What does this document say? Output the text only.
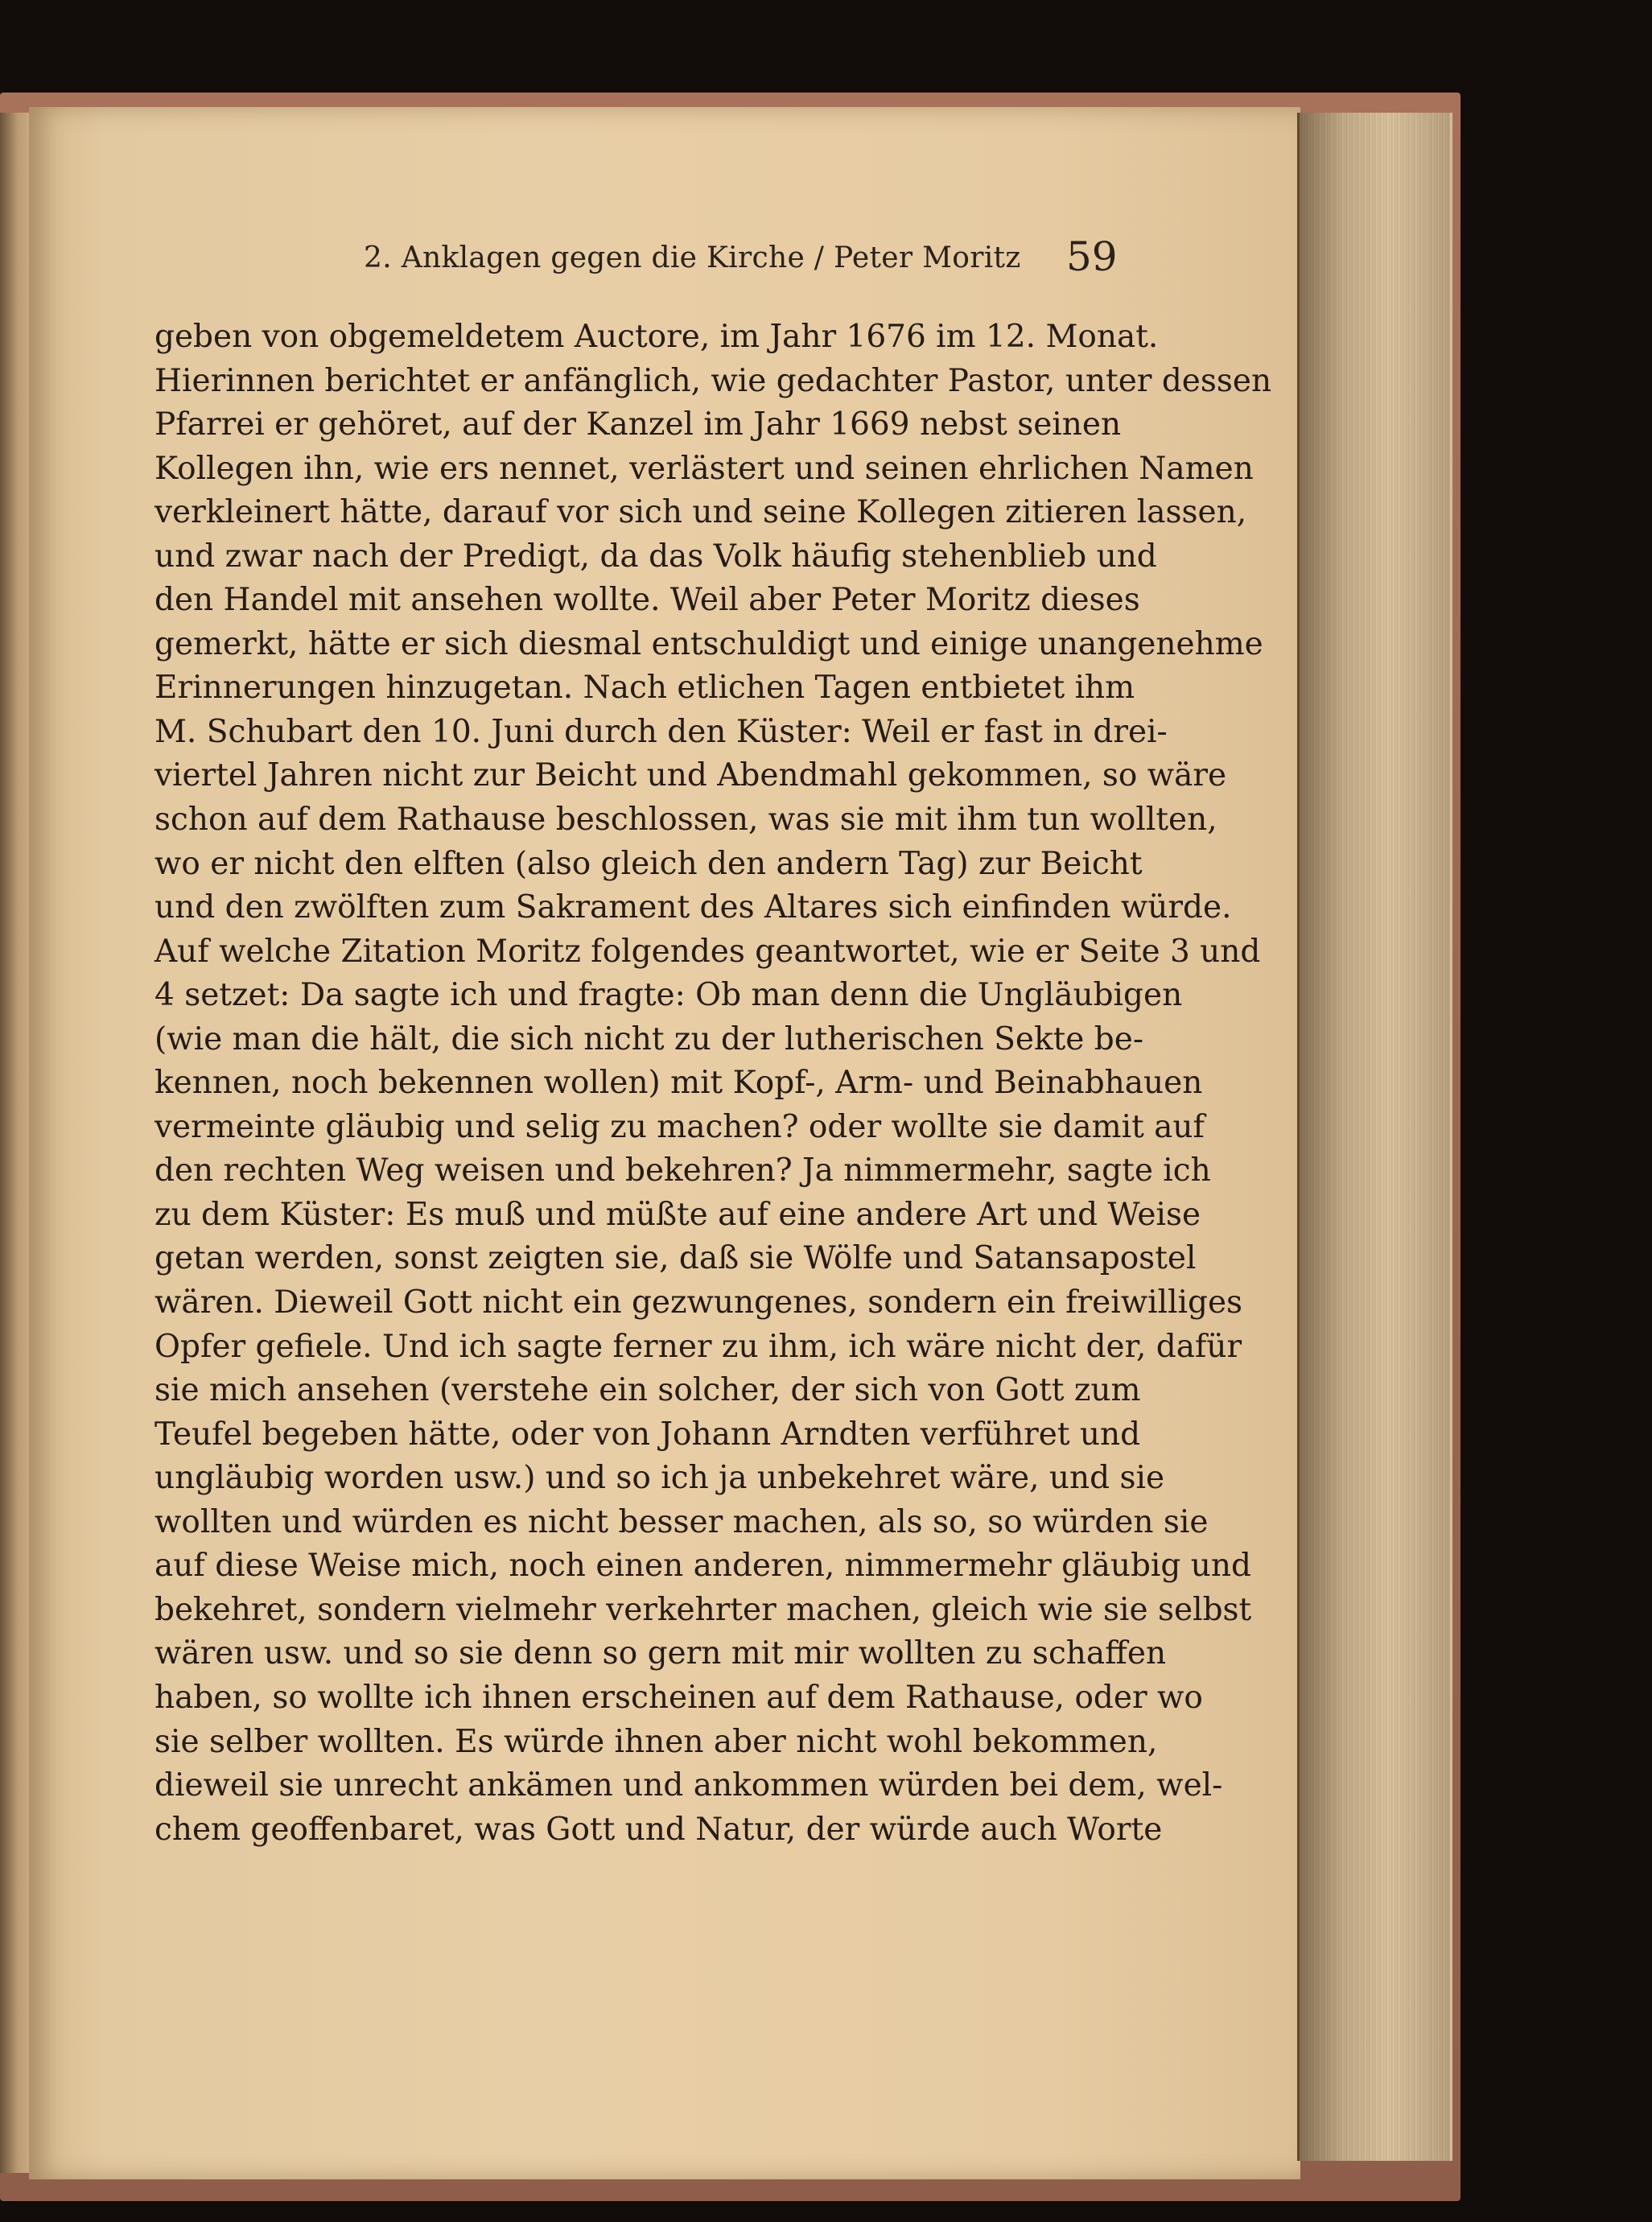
2. Anklagen gegen die Kirche / Peter Moritz 59
geben von obgemeldetem Auctore, im Jahr 1676 im 12. Monat.
Hierinnen berichtet er anfänglich, wie gedachter Pastor, unter dessen
Pfarrei er gehöret, auf der Kanzel im Jahr 1669 nebst seinen
Kollegen ihn, wie ers nennet, verlästert und seinen ehrlichen Namen
verkleinert hätte, darauf vor sich und seine Kollegen zitieren lassen,
und zwar nach der Predigt, da das Volk häufig stehenblieb und
den Handel mit ansehen wollte. Weil aber Peter Moritz dieses
gemerkt, hätte er sich diesmal entschuldigt und einige unangenehme
Erinnerungen hinzugetan. Nach etlichen Tagen entbietet ihm
M. Schubart den 10. Juni durch den Küster: Weil er fast in drei-
viertel Jahren nicht zur Beicht und Abendmahl gekommen, so wäre
schon auf dem Rathause beschlossen, was sie mit ihm tun wollten,
wo er nicht den elften (also gleich den andern Tag) zur Beicht
und den zwölften zum Sakrament des Altares sich einfinden würde.
Auf welche Zitation Moritz folgendes geantwortet, wie er Seite 3 und
4 setzet: Da sagte ich und fragte: Ob man denn die Ungläubigen
(wie man die hält, die sich nicht zu der lutherischen Sekte be-
kennen, noch bekennen wollen) mit Kopf-, Arm- und Beinabhauen
vermeinte gläubig und selig zu machen? oder wollte sie damit auf
den rechten Weg weisen und bekehren? Ja nimmermehr, sagte ich
zu dem Küster: Es muß und müßte auf eine andere Art und Weise
getan werden, sonst zeigten sie, daß sie Wölfe und Satansapostel
wären. Dieweil Gott nicht ein gezwungenes, sondern ein freiwilliges
Opfer gefiele. Und ich sagte ferner zu ihm, ich wäre nicht der, dafür
sie mich ansehen (verstehe ein solcher, der sich von Gott zum
Teufel begeben hätte, oder von Johann Arndten verführet und
ungläubig worden usw.) und so ich ja unbekehret wäre, und sie
wollten und würden es nicht besser machen, als so, so würden sie
auf diese Weise mich, noch einen anderen, nimmermehr gläubig und
bekehret, sondern vielmehr verkehrter machen, gleich wie sie selbst
wären usw. und so sie denn so gern mit mir wollten zu schaffen
haben, so wollte ich ihnen erscheinen auf dem Rathause, oder wo
sie selber wollten. Es würde ihnen aber nicht wohl bekommen,
dieweil sie unrecht ankämen und ankommen würden bei dem, wel-
chem geoffenbaret, was Gott und Natur, der würde auch Worte
